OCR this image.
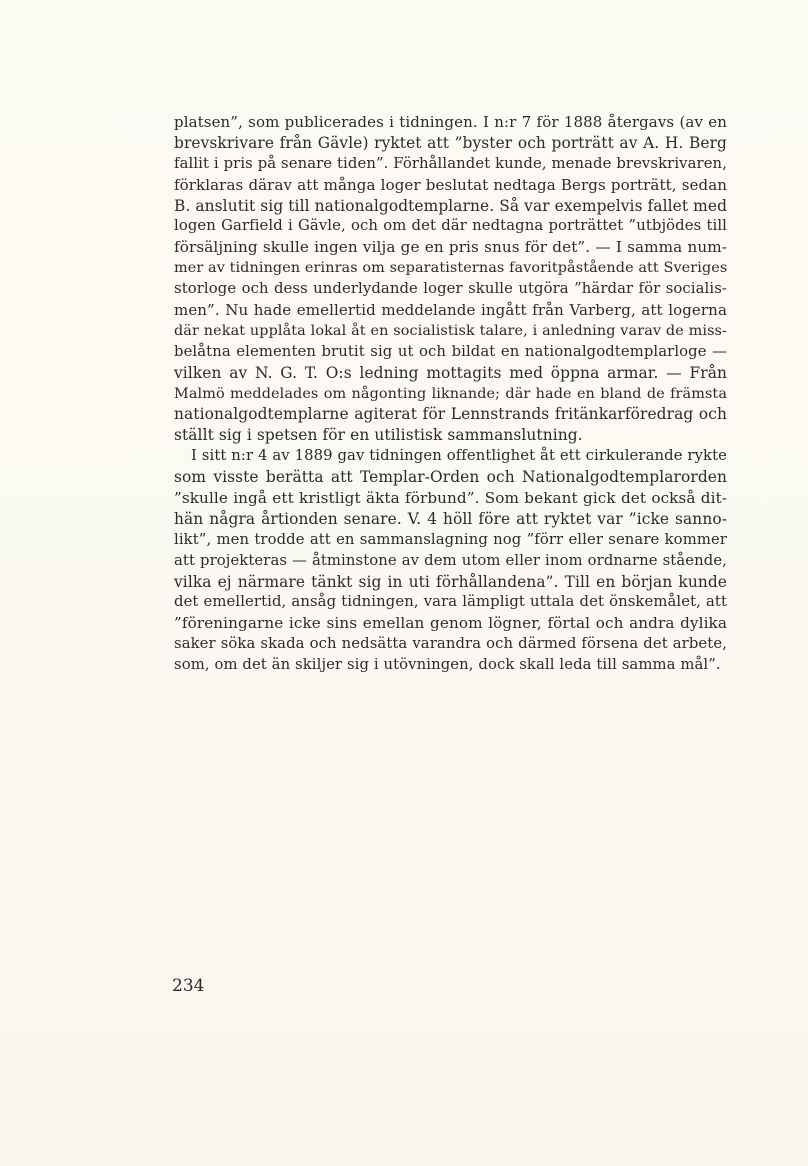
platsen”, som publicerades i tidningen. I n:r 7 för 1888 återgavs (av en
brevskrivare från Gävle) ryktet att ”byster och porträtt av A. H. Berg
fallit i pris på senare tiden”. Förhållandet kunde, menade brevskrivaren,
förklaras därav att många loger beslutat nedtaga Bergs porträtt, sedan
B. anslutit sig till nationalgodtemplarne. Så var exempelvis fallet med
logen Garfield i Gävle, och om det där nedtagna porträttet ”utbjödes till
försäljning skulle ingen vilja ge en pris snus för det”. — I samma num-
mer av tidningen erinras om separatisternas favoritpåstående att Sveriges
storloge och dess underlydande loger skulle utgöra ”härdar för socialis-
men”. Nu hade emellertid meddelande ingått från Varberg, att logerna
där nekat upplåta lokal åt en socialistisk talare, i anledning varav de miss-
belåtna elementen brutit sig ut och bildat en nationalgodtemplarloge —
vilken av N. G. T. O:s ledning mottagits med öppna armar. — Från
Malmö meddelades om någonting liknande; där hade en bland de främsta
nationalgodtemplarne agiterat för Lennstrands fritänkarföredrag och
ställt sig i spetsen för en utilistisk sammanslutning.
I sitt n:r 4 av 1889 gav tidningen offentlighet åt ett cirkulerande rykte
som visste berätta att Templar-Orden och Nationalgodtemplarorden
”skulle ingå ett kristligt äkta förbund”. Som bekant gick det också dit-
hän några årtionden senare. V. 4 höll före att ryktet var ”icke sanno-
likt”, men trodde att en sammanslagning nog ”förr eller senare kommer
att projekteras — åtminstone av dem utom eller inom ordnarne stående,
vilka ej närmare tänkt sig in uti förhållandena”. Till en början kunde
det emellertid, ansåg tidningen, vara lämpligt uttala det önskemålet, att
”föreningarne icke sins emellan genom lögner, förtal och andra dylika
saker söka skada och nedsätta varandra och därmed försena det arbete,
som, om det än skiljer sig i utövningen, dock skall leda till samma mål”.
234
